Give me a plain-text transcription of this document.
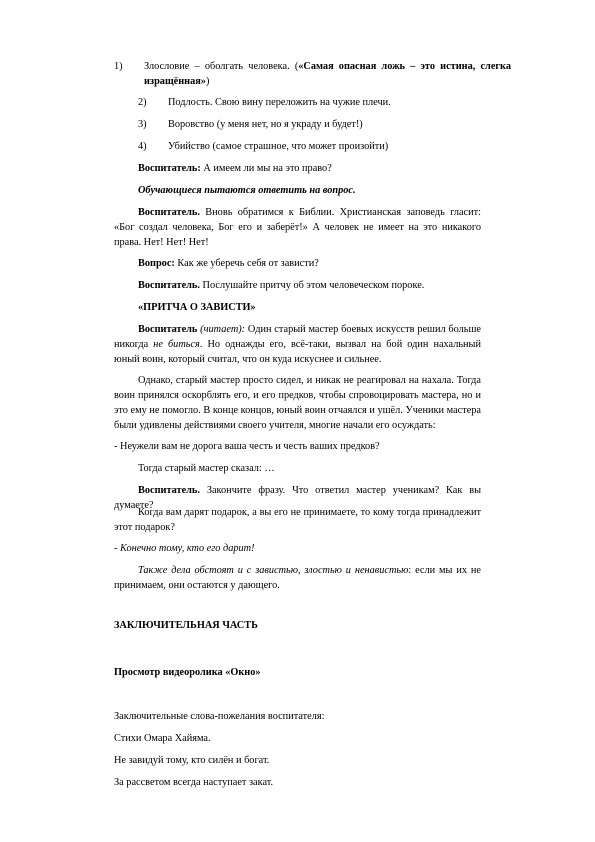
1) Злословие – оболгать человека. («Самая опасная ложь – это истина, слегка изращённая»)

2) Подлость. Свою вину переложить на чужие плечи.

3) Воровство (у меня нет, но я украду и будет!)

4) Убийство (самое страшное, что может произойти)

Воспитатель: А имеем ли мы на это право?

Обучающиеся пытаются ответить на вопрос.

Воспитатель. Вновь обратимся к Библии. Христианская заповедь гласит: «Бог создал человека, Бог его и заберёт!» А человек не имеет на это никакого права. Нет! Нет! Нет!

Вопрос: Как же уберечь себя от зависти?

Воспитатель. Послушайте притчу об этом человеческом пороке.

«ПРИТЧА О ЗАВИСТИ»

Воспитатель (читает): Один старый мастер боевых искусств решил больше никогда не биться. Но однажды его, всё-таки, вызвал на бой один нахальный юный воин, который считал, что он куда искуснее и сильнее.

Однако, старый мастер просто сидел, и никак не реагировал на нахала. Тогда воин принялся оскорблять его, и его предков, чтобы спровоцировать мастера, но и это ему не помогло. В конце концов, юный воин отчаялся и ушёл. Ученики мастера были удивлены действиями своего учителя, многие начали его осуждать:

- Неужели вам не дорога ваша честь и честь ваших предков?

Тогда старый мастер сказал: …

Воспитатель. Закончите фразу. Что ответил мастер ученикам? Как вы думаете?

Когда вам дарят подарок, а вы его не принимаете, то кому тогда принадлежит этот подарок?

- Конечно тому, кто его дарит!

Также дела обстоят и с завистью, злостью и ненавистью: если мы их не принимаем, они остаются у дающего.

ЗАКЛЮЧИТЕЛЬНАЯ ЧАСТЬ

Просмотр видеоролика «Окно»

Заключительные слова-пожелания воспитателя:

Стихи Омара Хайяма.

Не завидуй тому, кто силён и богат.

За рассветом всегда наступает закат.
